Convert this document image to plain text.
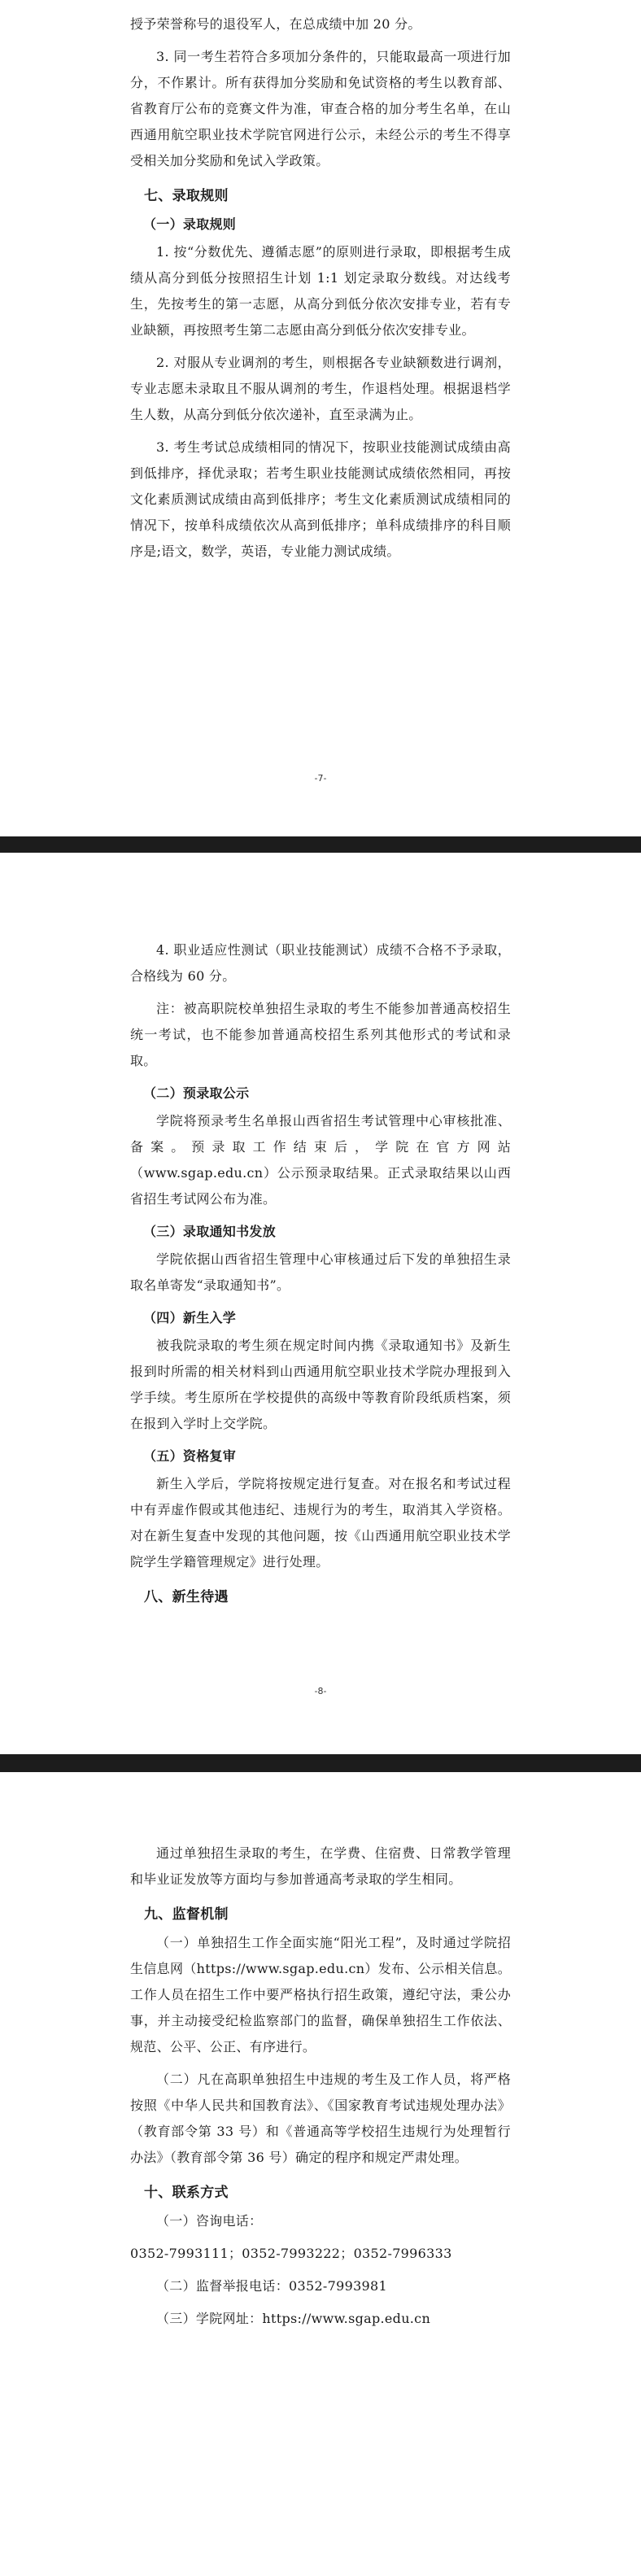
授予荣誉称号的退役军人，在总成绩中加 20 分。

3. 同一考生若符合多项加分条件的，只能取最高一项进行加分，不作累计。所有获得加分奖励和免试资格的考生以教育部、省教育厅公布的竞赛文件为准，审查合格的加分考生名单，在山西通用航空职业技术学院官网进行公示，未经公示的考生不得享受相关加分奖励和免试入学政策。

七、录取规则
（一）录取规则

1. 按“分数优先、遵循志愿”的原则进行录取，即根据考生成绩从高分到低分按照招生计划 1:1 划定录取分数线。对达线考生，先按考生的第一志愿，从高分到低分依次安排专业，若有专业缺额，再按照考生第二志愿由高分到低分依次安排专业。

2. 对服从专业调剂的考生，则根据各专业缺额数进行调剂，专业志愿未录取且不服从调剂的考生，作退档处理。根据退档学生人数，从高分到低分依次递补，直至录满为止。

3. 考生考试总成绩相同的情况下，按职业技能测试成绩由高到低排序，择优录取；若考生职业技能测试成绩依然相同，再按文化素质测试成绩由高到低排序；考生文化素质测试成绩相同的情况下，按单科成绩依次从高到低排序；单科成绩排序的科目顺序是;语文，数学，英语，专业能力测试成绩。

-7-

4. 职业适应性测试（职业技能测试）成绩不合格不予录取，合格线为 60 分。

注：被高职院校单独招生录取的考生不能参加普通高校招生统一考试，也不能参加普通高校招生系列其他形式的考试和录取。

（二）预录取公示

学院将预录考生名单报山西省招生考试管理中心审核批准、备案。预录取工作结束后，学院在官方网站（www.sgap.edu.cn）公示预录取结果。正式录取结果以山西省招生考试网公布为准。

（三）录取通知书发放

学院依据山西省招生管理中心审核通过后下发的单独招生录取名单寄发“录取通知书”。

（四）新生入学

被我院录取的考生须在规定时间内携《录取通知书》及新生报到时所需的相关材料到山西通用航空职业技术学院办理报到入学手续。考生原所在学校提供的高级中等教育阶段纸质档案，须在报到入学时上交学院。

（五）资格复审

新生入学后，学院将按规定进行复查。对在报名和考试过程中有弄虚作假或其他违纪、违规行为的考生，取消其入学资格。对在新生复查中发现的其他问题，按《山西通用航空职业技术学院学生学籍管理规定》进行处理。

八、新生待遇
-8-

通过单独招生录取的考生，在学费、住宿费、日常教学管理和毕业证发放等方面均与参加普通高考录取的学生相同。

九、监督机制

（一）单独招生工作全面实施“阳光工程”，及时通过学院招生信息网（https://www.sgap.edu.cn）发布、公示相关信息。工作人员在招生工作中要严格执行招生政策，遵纪守法，秉公办事，并主动接受纪检监察部门的监督，确保单独招生工作依法、规范、公平、公正、有序进行。

（二）凡在高职单独招生中违规的考生及工作人员，将严格按照《中华人民共和国教育法》、《国家教育考试违规处理办法》（教育部令第 33 号）和《普通高等学校招生违规行为处理暂行办法》（教育部令第 36 号）确定的程序和规定严肃处理。

十、联系方式

（一）咨询电话：

0352-7993111；0352-7993222；0352-7996333

（二）监督举报电话：0352-7993981

（三）学院网址：https://www.sgap.edu.cn
